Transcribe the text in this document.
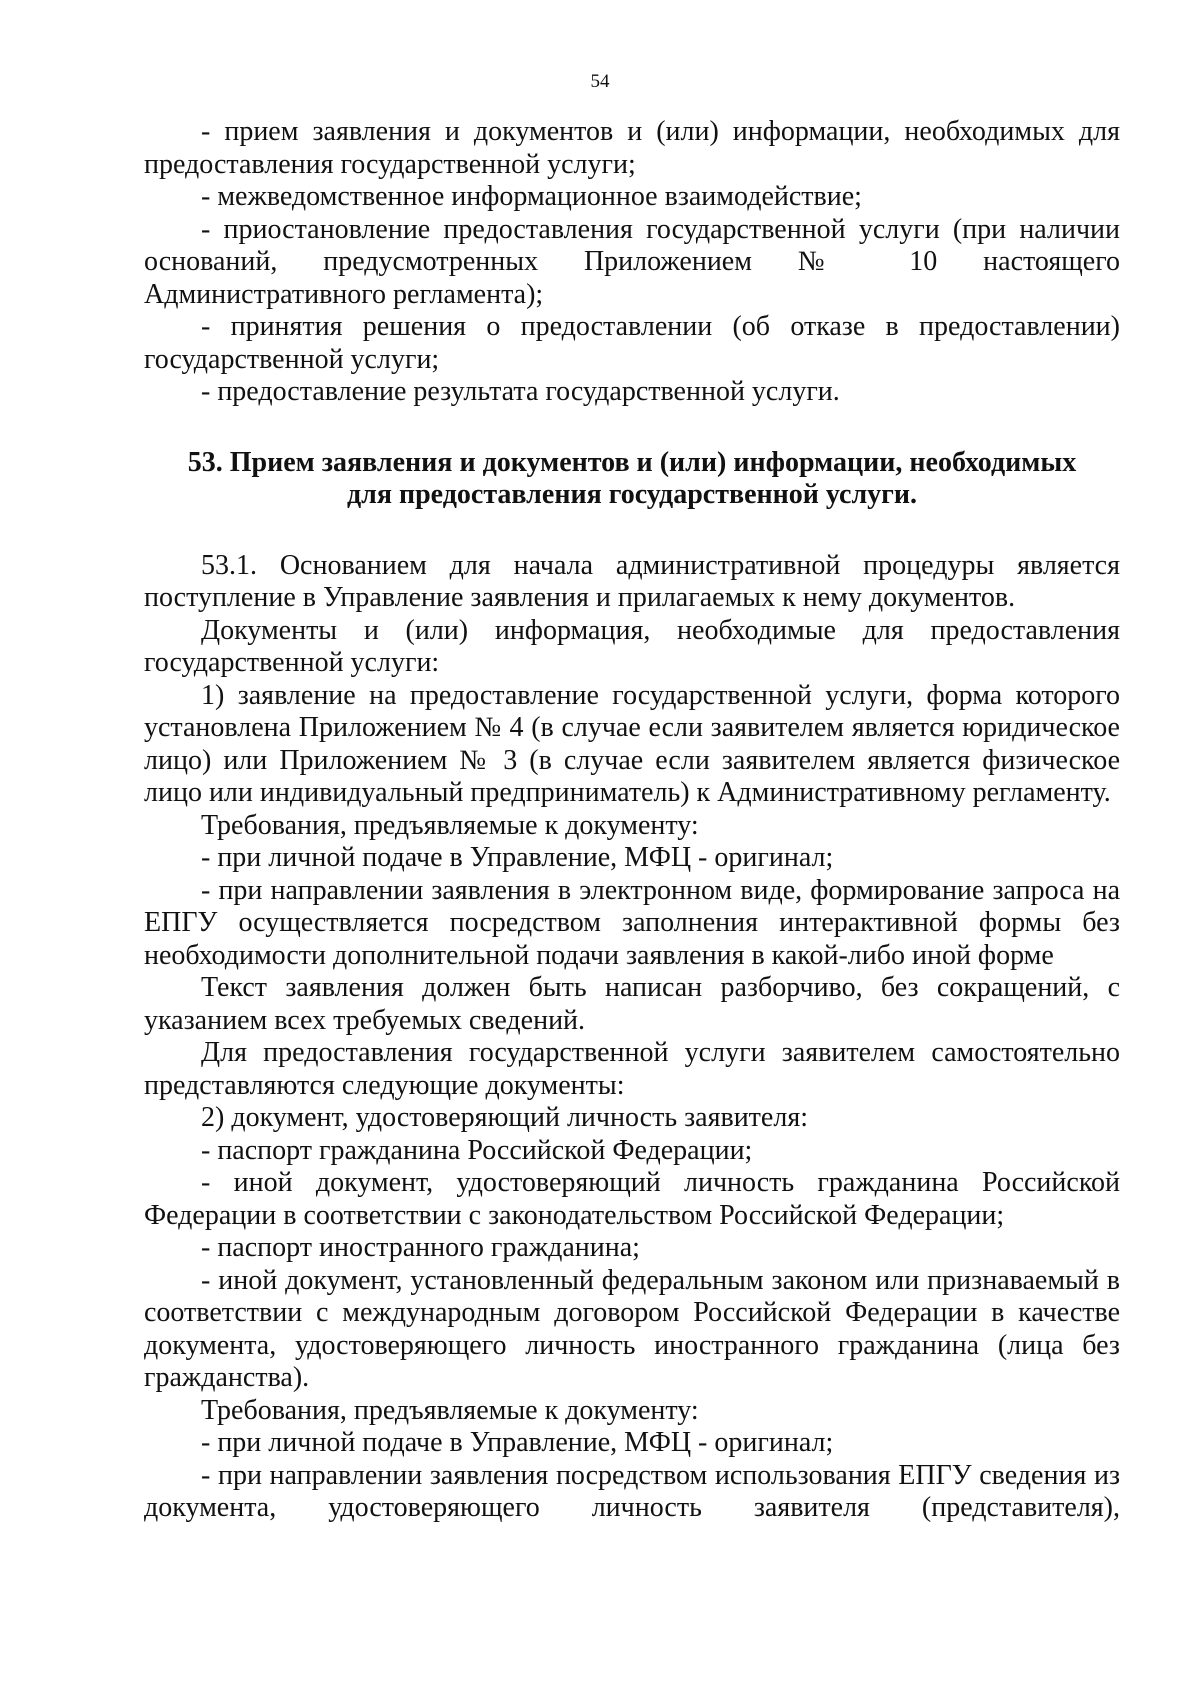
54

- прием заявления и документов и (или) информации, необходимых для предоставления государственной услуги;

- межведомственное информационное взаимодействие;

- приостановление предоставления государственной услуги (при наличии оснований, предусмотренных Приложением № 10 настоящего Административного регламента);

- принятия решения о предоставлении (об отказе в предоставлении) государственной услуги;

- предоставление результата государственной услуги.

53. Прием заявления и документов и (или) информации, необходимых
для предоставления государственной услуги.

53.1. Основанием для начала административной процедуры является поступление в Управление заявления и прилагаемых к нему документов.

Документы и (или) информация, необходимые для предоставления государственной услуги:

1) заявление на предоставление государственной услуги, форма которого установлена Приложением № 4 (в случае если заявителем является юридическое лицо) или Приложением № 3 (в случае если заявителем является физическое лицо или индивидуальный предприниматель) к Административному регламенту.

Требования, предъявляемые к документу:

- при личной подаче в Управление, МФЦ - оригинал;

- при направлении заявления в электронном виде, формирование запроса на ЕПГУ осуществляется посредством заполнения интерактивной формы без необходимости дополнительной подачи заявления в какой-либо иной форме

Текст заявления должен быть написан разборчиво, без сокращений, с указанием всех требуемых сведений.

Для предоставления государственной услуги заявителем самостоятельно представляются следующие документы:

2) документ, удостоверяющий личность заявителя:

- паспорт гражданина Российской Федерации;

- иной документ, удостоверяющий личность гражданина Российской Федерации в соответствии с законодательством Российской Федерации;

- паспорт иностранного гражданина;

- иной документ, установленный федеральным законом или признаваемый в соответствии с международным договором Российской Федерации в качестве документа, удостоверяющего личность иностранного гражданина (лица без гражданства).

Требования, предъявляемые к документу:

- при личной подаче в Управление, МФЦ - оригинал;

- при направлении заявления посредством использования ЕПГУ сведения из документа, удостоверяющего личность заявителя (представителя),
